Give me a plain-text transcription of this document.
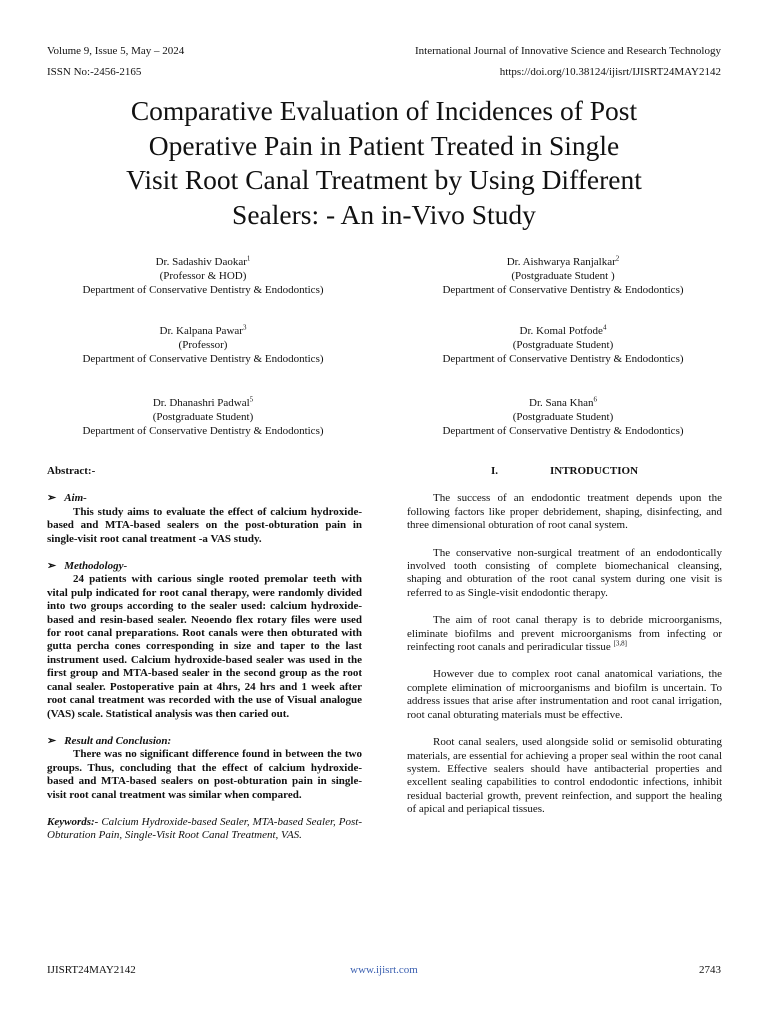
Volume 9, Issue 5, May – 2024
ISSN No:-2456-2165
International Journal of Innovative Science and Research Technology
https://doi.org/10.38124/ijisrt/IJISRT24MAY2142
Comparative Evaluation of Incidences of Post
Operative Pain in Patient Treated in Single
Visit Root Canal Treatment by Using Different
Sealers: - An in-Vivo Study
Dr. Sadashiv Daokar$^1$
(Professor & HOD)
Department of Conservative Dentistry & Endodontics)
Dr. Aishwarya Ranjalkar$^2$
(Postgraduate Student )
Department of Conservative Dentistry & Endodontics)
Dr. Kalpana Pawar$^3$
(Professor)
Department of Conservative Dentistry & Endodontics)
Dr. Komal Potfode$^4$
(Postgraduate Student)
Department of Conservative Dentistry & Endodontics)
Dr. Dhanashri Padwal$^5$
(Postgraduate Student)
Department of Conservative Dentistry & Endodontics)
Dr. Sana Khan$^6$
(Postgraduate Student)
Department of Conservative Dentistry & Endodontics)
Abstract:-
➢ Aim-

This study aims to evaluate the effect of calcium hydroxide-based and MTA-based sealers on the post-obturation pain in single-visit root canal treatment -a VAS study.

➢ Methodology-

24 patients with carious single rooted premolar teeth with vital pulp indicated for root canal therapy, were randomly divided into two groups according to the sealer used: calcium hydroxide-based and resin-based sealer. Neoendo flex rotary files were used for root canal preparations. Root canals were then obturated with gutta percha cones corresponding in size and taper to the last instrument used. Calcium hydroxide-based sealer was used in the first group and MTA-based sealer in the second group as the root canal sealer. Postoperative pain at 4hrs, 24 hrs and 1 week after root canal treatment was recorded with the use of Visual analogue (VAS) scale. Statistical analysis was then caried out.

➢ Result and Conclusion:

There was no significant difference found in between the two groups. Thus, concluding that the effect of calcium hydroxide-based and MTA-based sealers on post-obturation pain in single-visit root canal treatment was similar when compared.

Keywords:- Calcium Hydroxide-based Sealer, MTA-based Sealer, Post-Obturation Pain, Single-Visit Root Canal Treatment, VAS.
I.	INTRODUCTION

The success of an endodontic treatment depends upon the following factors like proper debridement, shaping, disinfecting, and three dimensional obturation of root canal system.

The conservative non-surgical treatment of an endodontically involved tooth consisting of complete biomechanical cleansing, shaping and obturation of the root canal system during one visit is referred to as Single-visit endodontic therapy.

The aim of root canal therapy is to debride microorganisms, eliminate biofilms and prevent microorganisms from infecting or reinfecting root canals and periradicular tissue [3,8]

However due to complex root canal anatomical variations, the complete elimination of microorganisms and biofilm is uncertain. To address issues that arise after instrumentation and root canal irrigation, root canal obturating materials must be effective.

Root canal sealers, used alongside solid or semisolid obturating materials, are essential for achieving a proper seal within the root canal system. Effective sealers should have antibacterial properties and excellent sealing capabilities to control endodontic infections, inhibit residual bacterial growth, prevent reinfection, and support the healing of apical and periapical tissues.

IJISRT24MAY2142	www.ijisrt.com	2743
